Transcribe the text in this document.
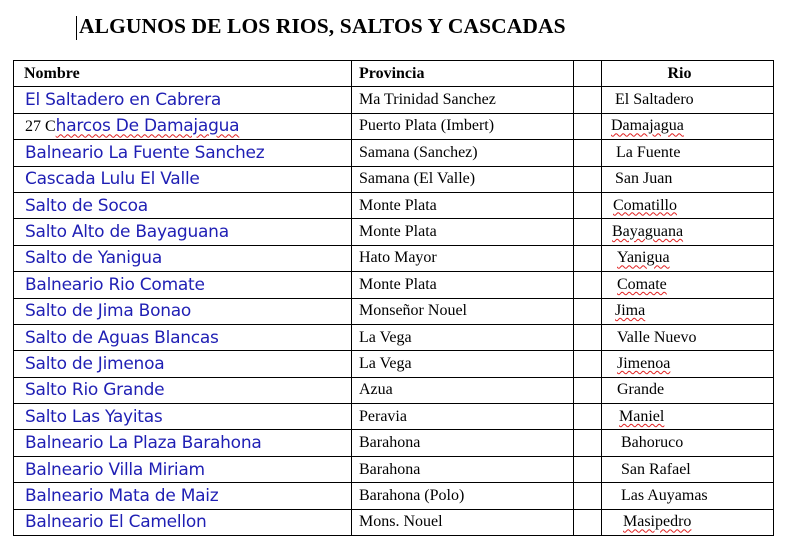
ALGUNOS DE LOS RIOS, SALTOS Y CASCADAS
Nombre	Provincia		Rio
El Saltadero en Cabrera	Ma Trinidad Sanchez		El Saltadero
27 Charcos De Damajagua	Puerto Plata (Imbert)		Damajagua
Balneario La Fuente Sanchez	Samana (Sanchez)		La Fuente
Cascada Lulu El Valle	Samana (El Valle)		San Juan
Salto de Socoa	Monte Plata		Comatillo
Salto Alto de Bayaguana	Monte Plata		Bayaguana
Salto de Yanigua	Hato Mayor		Yanigua
Balneario Rio Comate	Monte Plata		Comate
Salto de Jima Bonao	Monseñor Nouel		Jima
Salto de Aguas Blancas	La Vega		Valle Nuevo
Salto de Jimenoa	La Vega		Jimenoa
Salto Rio Grande	Azua		Grande
Salto Las Yayitas	Peravia		Maniel
Balneario La Plaza Barahona	Barahona		Bahoruco
Balneario Villa Miriam	Barahona		San Rafael
Balneario Mata de Maiz	Barahona (Polo)		Las Auyamas
Balneario El Camellon	Mons. Nouel		Masipedro
